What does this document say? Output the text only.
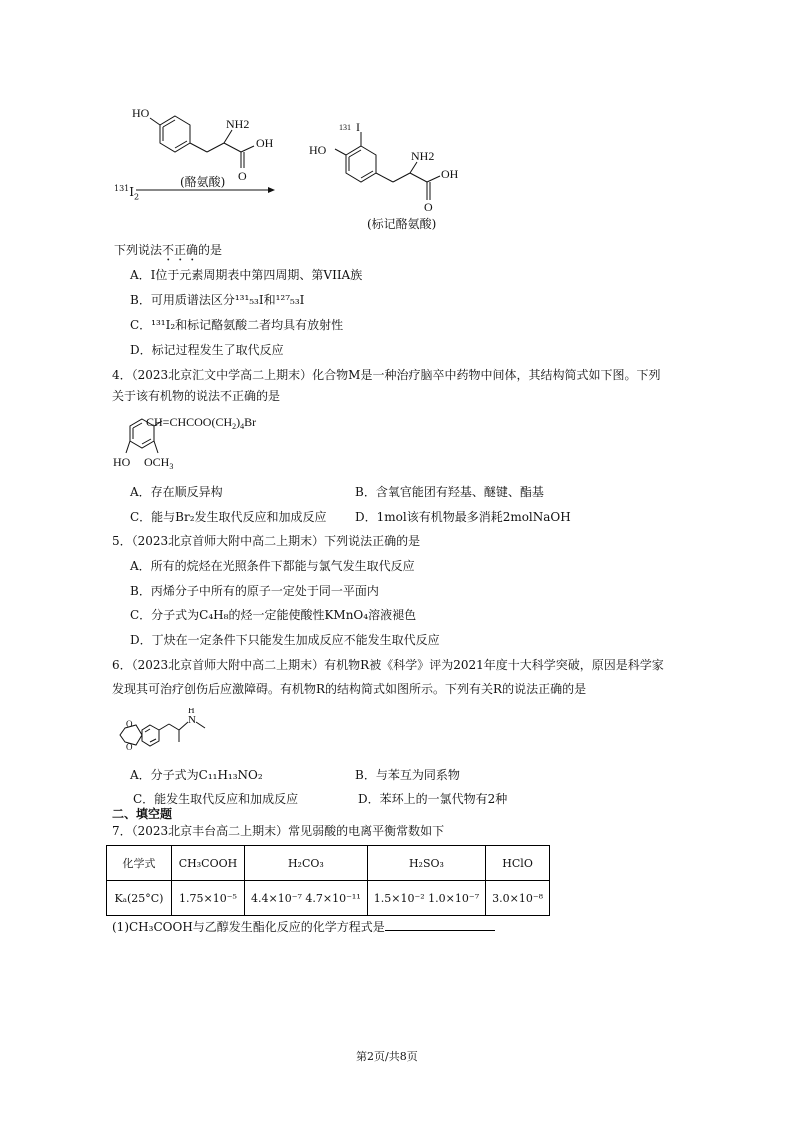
HO
NH2
OH
O
(酪氨酸)
$^{131}I_2$
131 I
HO	NH2
OH
O
(标记酪氨酸)
下列说法不正确的是
A．I位于元素周期表中第四周期、第VIIA族
B．可用质谱法区分¹³¹₅₃I和¹²⁷₅₃I
C．¹³¹I₂和标记酪氨酸二者均具有放射性
D．标记过程发生了取代反应
4．（2023北京汇文中学高二上期末）化合物M是一种治疗脑卒中药物中间体，其结构简式如下图。下列
关于该有机物的说法不正确的是
$CH=CHCOO(CH_2)_4Br$
HO $OCH_3$
A．存在顺反异构	B．含氧官能团有羟基、醚键、酯基
C．能与Br₂发生取代反应和加成反应 D．1mol该有机物最多消耗2molNaOH
5．（2023北京首师大附中高二上期末）下列说法正确的是
A．所有的烷烃在光照条件下都能与氯气发生取代反应
B．丙烯分子中所有的原子一定处于同一平面内
C．分子式为C₄H₈的烃一定能使酸性KMnO₄溶液褪色
D．丁炔在一定条件下只能发生加成反应不能发生取代反应
6．（2023北京首师大附中高二上期末）有机物R被《科学》评为2021年度十大科学突破，原因是科学家
发现其可治疗创伤后应激障碍。有机物R的结构简式如图所示。下列有关R的说法正确的是
N
H
O
O
A．分子式为C₁₁H₁₃NO₂	B．与苯互为同系物
C．能发生取代反应和加成反应	D．苯环上的一氯代物有2种
二、填空题
7．（2023北京丰台高二上期末）常见弱酸的电离平衡常数如下
化学式	CH₃COOH	H₂CO₃	H₂SO₃	HClO
Kₐ(25°C)	1.75×10⁻⁵	4.4×10⁻⁷ 4.7×10⁻¹¹	1.5×10⁻² 1.0×10⁻⁷	3.0×10⁻⁸
(1)CH₃COOH与乙醇发生酯化反应的化学方程式是
第2页/共8页
